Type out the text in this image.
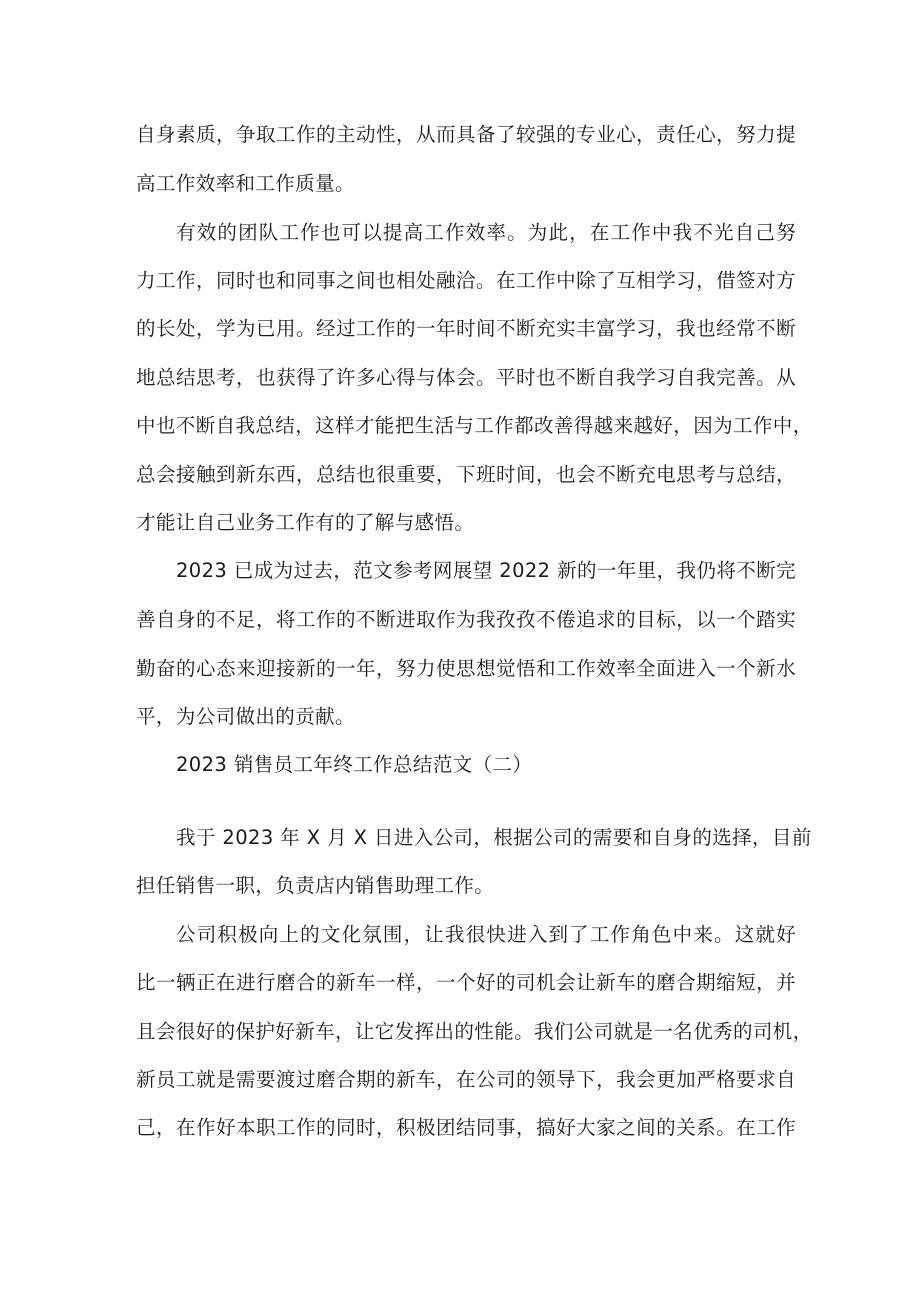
自身素质，争取工作的主动性，从而具备了较强的专业心，责任心，努力提
高工作效率和工作质量。
有效的团队工作也可以提高工作效率。为此，在工作中我不光自己努
力工作，同时也和同事之间也相处融洽。在工作中除了互相学习，借签对方
的长处，学为已用。经过工作的一年时间不断充实丰富学习，我也经常不断
地总结思考，也获得了许多心得与体会。平时也不断自我学习自我完善。从
中也不断自我总结，这样才能把生活与工作都改善得越来越好，因为工作中，
总会接触到新东西，总结也很重要，下班时间，也会不断充电思考与总结，
才能让自己业务工作有的了解与感悟。
2023 已成为过去，范文参考网展望 2022 新的一年里，我仍将不断完
善自身的不足，将工作的不断进取作为我孜孜不倦追求的目标，以一个踏实
勤奋的心态来迎接新的一年，努力使思想觉悟和工作效率全面进入一个新水
平，为公司做出的贡献。
2023 销售员工年终工作总结范文（二）
我于 2023 年 X 月 X 日进入公司，根据公司的需要和自身的选择，目前
担任销售一职，负责店内销售助理工作。
公司积极向上的文化氛围，让我很快进入到了工作角色中来。这就好
比一辆正在进行磨合的新车一样，一个好的司机会让新车的磨合期缩短，并
且会很好的保护好新车，让它发挥出的性能。我们公司就是一名优秀的司机，
新员工就是需要渡过磨合期的新车，在公司的领导下，我会更加严格要求自
己，在作好本职工作的同时，积极团结同事，搞好大家之间的关系。在工作
